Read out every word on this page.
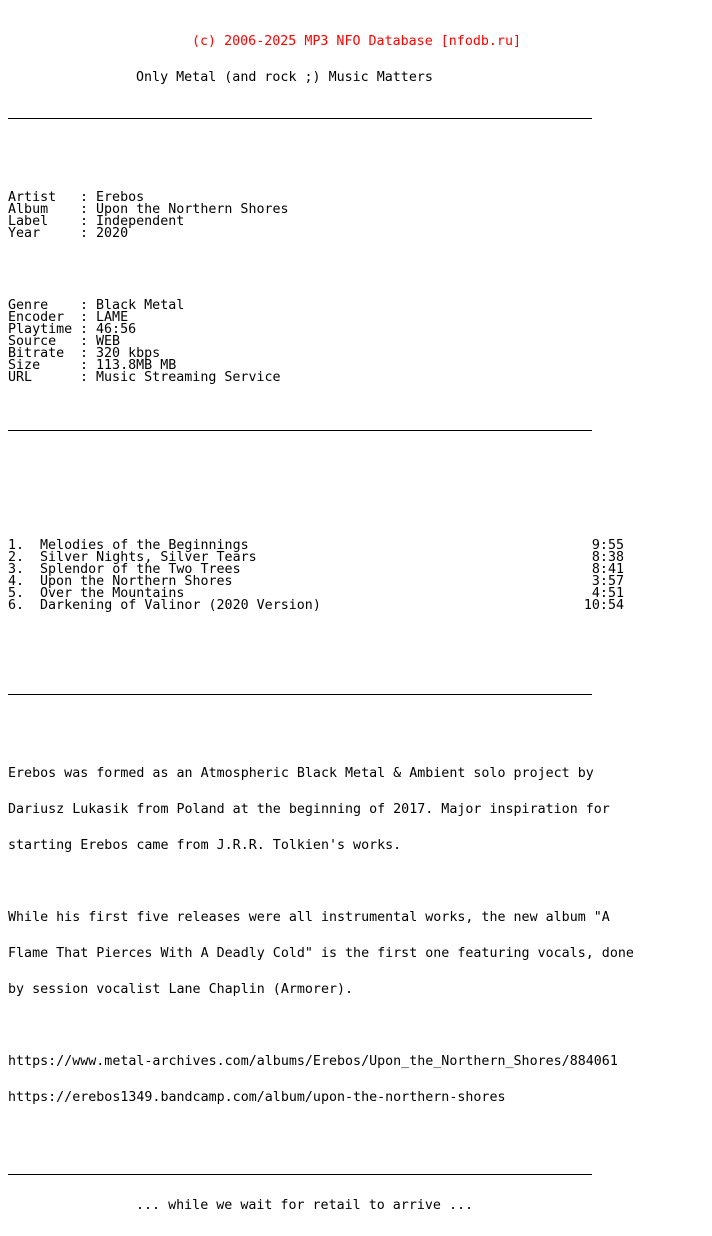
(c) 2006-2025 MP3 NFO Database [nfodb.ru]

Only Metal (and rock ;) Music Matters

Artist : Erebos
Album : Upon the Northern Shores
Label : Independent
Year	: 2020

Genre : Black Metal
Encoder : LAME
Playtime : 46:56
Source : WEB
Bitrate : 320 kbps
Size	: 113.8MB MB
URL	: Music Streaming Service

1. Melodies of the Beginnings	9:55
2. Silver Nights, Silver Tears	8:38
3. Splendor of the Two Trees	8:41
4. Upon the Northern Shores	3:57
5. Over the Mountains	4:51
6. Darkening of Valinor (2020 Version)	10:54

Erebos was formed as an Atmospheric Black Metal & Ambient solo project by

Dariusz Lukasik from Poland at the beginning of 2017. Major inspiration for

starting Erebos came from J.R.R. Tolkien's works.

While his first five releases were all instrumental works, the new album "A

Flame That Pierces With A Deadly Cold" is the first one featuring vocals, done

by session vocalist Lane Chaplin (Armorer).

https://www.metal-archives.com/albums/Erebos/Upon_the_Northern_Shores/884061

https://erebos1349.bandcamp.com/album/upon-the-northern-shores

... while we wait for retail to arrive ...
